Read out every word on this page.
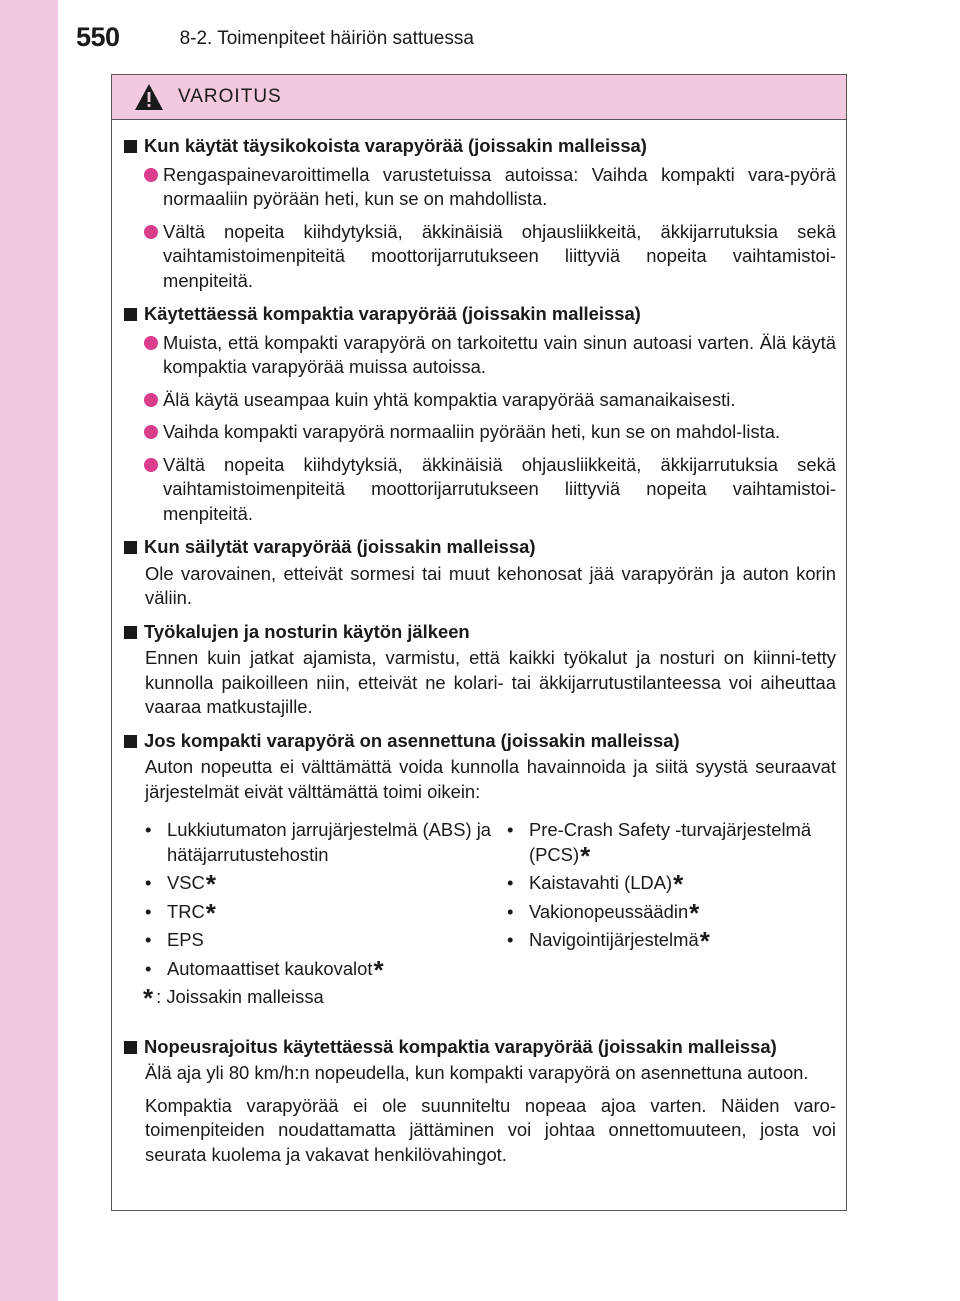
550	8-2. Toimenpiteet häiriön sattuessa
VAROITUS
Kun käytät täysikokoista varapyörää (joissakin malleissa)
Rengaspainevaroittimella varustetuissa autoissa: Vaihda kompakti vara-pyörä normaaliin pyörään heti, kun se on mahdollista.
Vältä nopeita kiihdytyksiä, äkkinäisiä ohjausliikkeitä, äkkijarrutuksia sekä vaihtamistoimenpiteitä moottorijarrutukseen liittyviä nopeita vaihtamistoi-menpiteitä.
Käytettäessä kompaktia varapyörää (joissakin malleissa)
Muista, että kompakti varapyörä on tarkoitettu vain sinun autoasi varten. Älä käytä kompaktia varapyörää muissa autoissa.
Älä käytä useampaa kuin yhtä kompaktia varapyörää samanaikaisesti.
Vaihda kompakti varapyörä normaaliin pyörään heti, kun se on mahdol-lista.
Vältä nopeita kiihdytyksiä, äkkinäisiä ohjausliikkeitä, äkkijarrutuksia sekä vaihtamistoimenpiteitä moottorijarrutukseen liittyviä nopeita vaihtamistoi-menpiteitä.
Kun säilytät varapyörää (joissakin malleissa)
Ole varovainen, etteivät sormesi tai muut kehonosat jää varapyörän ja auton korin väliin.
Työkalujen ja nosturin käytön jälkeen
Ennen kuin jatkat ajamista, varmistu, että kaikki työkalut ja nosturi on kiinni-tetty kunnolla paikoilleen niin, etteivät ne kolari- tai äkkijarrutustilanteessa voi aiheuttaa vaaraa matkustajille.
Jos kompakti varapyörä on asennettuna (joissakin malleissa)
Auton nopeutta ei välttämättä voida kunnolla havainnoida ja siitä syystä seuraavat järjestelmät eivät välttämättä toimi oikein:
• Lukkiutumaton jarrujärjestelmä (ABS) ja hätäjarrutustehostin
• VSC*
• TRC*
• EPS
• Automaattiset kaukovalot*
* : Joissakin malleissa
• Pre-Crash Safety -turvajärjestelmä (PCS)*
• Kaistavahti (LDA)*
• Vakionopeussäädin*
• Navigointijärjestelmä*
Nopeusrajoitus käytettäessä kompaktia varapyörää (joissakin malleissa)
Älä aja yli 80 km/h:n nopeudella, kun kompakti varapyörä on asennettuna autoon.
Kompaktia varapyörää ei ole suunniteltu nopeaa ajoa varten. Näiden varo-toimenpiteiden noudattamatta jättäminen voi johtaa onnettomuuteen, josta voi seurata kuolema ja vakavat henkilövahingot.
